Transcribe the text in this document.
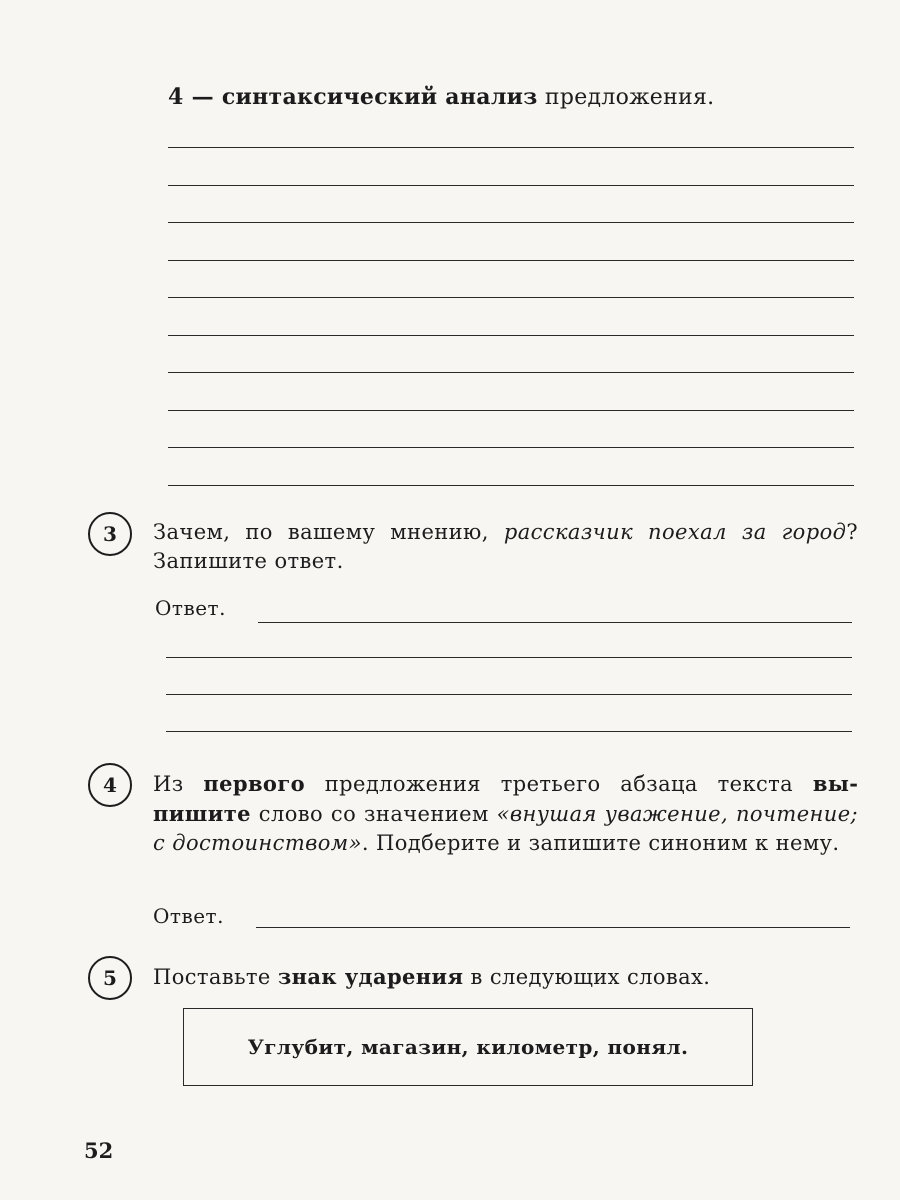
4 — синтаксический анализ предложения.
3	Зачем, по вашему мнению, рассказчик поехал за город? Запишите ответ.
Ответ.
4	Из первого предложения третьего абзаца текста выпишите слово со значением «внушая уважение, почтение; с достоинством». Подберите и запишите синоним к нему.
Ответ.
5	Поставьте знак ударения в следующих словах.
Углубит, магазин, километр, понял.
52
